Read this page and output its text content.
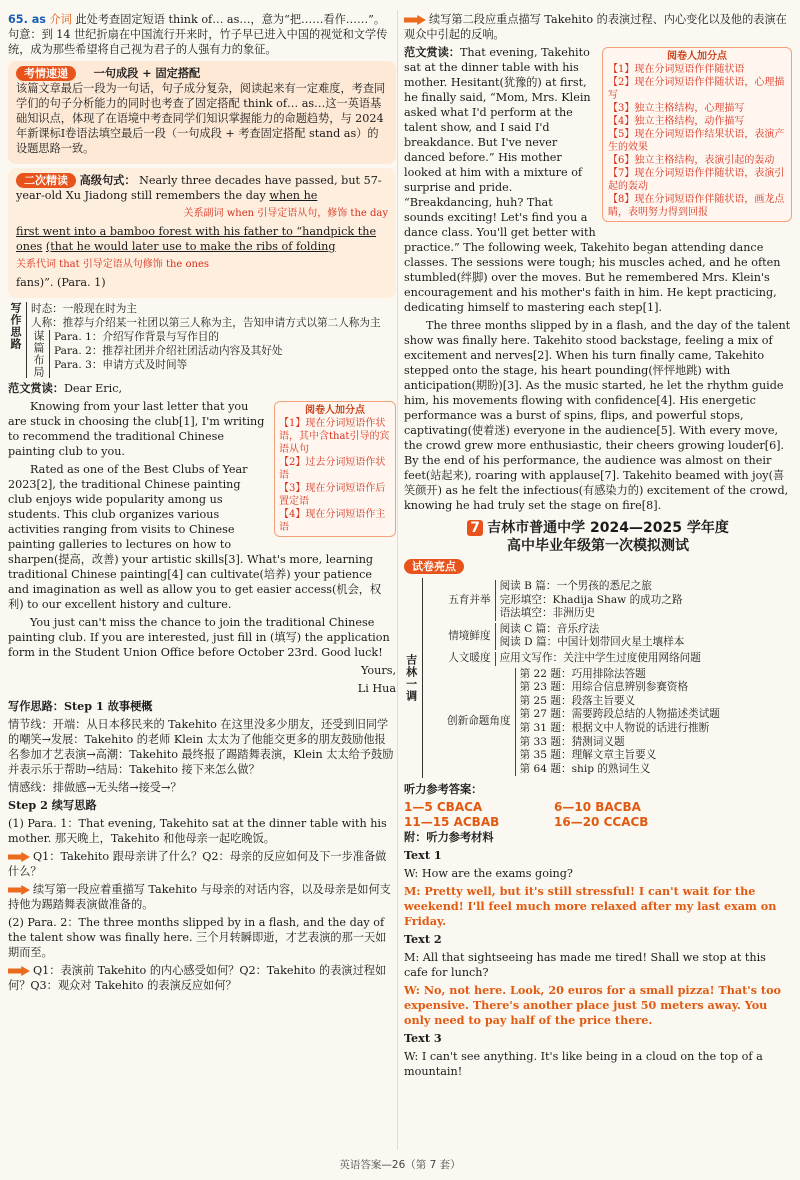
65. as 介词 此处考查固定短语 think of… as…，意为“把……看作……”。句意：到 14 世纪折扇在中国流行开来时，竹子早已进入中国的视觉和文学传统，成为那些希望将自己视为君子的人强有力的象征。

考情速递 一句成段 + 固定搭配

该篇文章最后一段为一句话，句子成分复杂，阅读起来有一定难度，考查同学们的句子分析能力的同时也考查了固定搭配 think of… as…这一英语基础知识点，体现了在语境中考查同学们知识掌握能力的命题趋势，与 2024 年新课标Ⅰ卷语法填空最后一段（一句成段 + 考查固定搭配 stand as）的设题思路一致。

二次精读 高级句式： Nearly three decades have passed, but 57-year-old Xu Jiadong still remembers the day when he

关系副词 when 引导定语从句，修饰 the day

first went into a bamboo forest with his father to “handpick the ones (that he would later use to make the ribs of folding

关系代词 that 引导定语从句修饰 the ones

fans)”. (Para. 1)

写作思路 时态：一般现在时为主
人称：推荐与介绍某一社团以第三人称为主，告知申请方式以第二人称为主
谋篇布局 Para. 1：介绍写作背景与写作目的
Para. 2：推荐社团并介绍社团活动内容及其好处
Para. 3：申请方式及时间等

范文赏读：Dear Eric,

阅卷人加分点
【1】现在分词短语作状语，其中含that引导的宾语从句
【2】过去分词短语作状语
【3】现在分词短语作后置定语
【4】现在分词短语作主语

Knowing from your last letter that you are stuck in choosing the club[1], I'm writing to recommend the traditional Chinese painting club to you.

Rated as one of the Best Clubs of Year 2023[2], the traditional Chinese painting club enjoys wide popularity among us students. This club organizes various activities ranging from visits to Chinese painting galleries to lectures on how to sharpen(提高，改善) your artistic skills[3]. What's more, learning traditional Chinese painting[4] can cultivate(培养) your patience and imagination as well as allow you to get easier access(机会，权利) to our excellent history and culture.

You just can't miss the chance to join the traditional Chinese painting club. If you are interested, just fill in (填写) the application form in the Student Union Office before October 23rd. Good luck!

Yours,

Li Hua

写作思路：Step 1 故事梗概

情节线：开端：从日本移民来的 Takehito 在这里没多少朋友，还受到旧同学的嘲笑→发展：Takehito 的老师 Klein 太太为了他能交更多的朋友鼓励他报名参加才艺表演→高潮：Takehito 最终报了踢踏舞表演，Klein 太太给予鼓励并表示乐于帮助→结局：Takehito 接下来怎么做？

情感线：排做感→无头绪→接受→？

Step 2 续写思路

(1) Para. 1：That evening, Takehito sat at the dinner table with his mother. 那天晚上，Takehito 和他母亲一起吃晚饭。

Q1：Takehito 跟母亲讲了什么？Q2：母亲的反应如何及下一步准备做什么？

续写第一段应着重描写 Takehito 与母亲的对话内容，以及母亲是如何支持他为踢踏舞表演做准备的。

(2) Para. 2：The three months slipped by in a flash, and the day of the talent show was finally here. 三个月转瞬即逝，才艺表演的那一天如期而至。

Q1：表演前 Takehito 的内心感受如何？Q2：Takehito 的表演过程如何？Q3：观众对 Takehito 的表演反应如何？

续写第二段应重点描写 Takehito 的表演过程、内心变化以及他的表演在观众中引起的反响。

阅卷人加分点
【1】现在分词短语作伴随状语
【2】现在分词短语作伴随状语，心理描写
【3】独立主格结构，心理描写
【4】独立主格结构，动作描写
【5】现在分词短语作结果状语，表演产生的效果
【6】独立主格结构，表演引起的轰动
【7】现在分词短语作伴随状语，表演引起的轰动
【8】现在分词短语作伴随状语，画龙点睛，表明努力得到回报

范文赏读：That evening, Takehito sat at the dinner table with his mother. Hesitant(犹豫的) at first, he finally said, “Mom, Mrs. Klein asked what I'd perform at the talent show, and I said I'd breakdance. But I've never danced before.” His mother looked at him with a mixture of surprise and pride. “Breakdancing, huh? That sounds exciting! Let's find you a dance class. You'll get better with practice.” The following week, Takehito began attending dance classes. The sessions were tough; his muscles ached, and he often stumbled(绊脚) over the moves. But he remembered Mrs. Klein's encouragement and his mother's faith in him. He kept practicing, dedicating himself to mastering each step[1].

The three months slipped by in a flash, and the day of the talent show was finally here. Takehito stood backstage, feeling a mix of excitement and nerves[2]. When his turn finally came, Takehito stepped onto the stage, his heart pounding(怦怦地跳) with anticipation(期盼)[3]. As the music started, he let the rhythm guide him, his movements flowing with confidence[4]. His energetic performance was a burst of spins, flips, and powerful stops, captivating(使着迷) everyone in the audience[5]. With every move, the crowd grew more enthusiastic, their cheers growing louder[6]. By the end of his performance, the audience was almost on their feet(站起来), roaring with applause[7]. Takehito beamed with joy(喜笑颜开) as he felt the infectious(有感染力的) excitement of the crowd, knowing he had truly set the stage on fire[8].

7 吉林市普通中学 2024—2025 学年度
高中毕业年级第一次模拟测试
试卷亮点
吉林一调
五育并举
阅读 B 篇：一个男孩的悉尼之旅
完形填空：Khadija Shaw 的成功之路
语法填空：非洲历史
情境鲜度
阅读 C 篇：音乐疗法
阅读 D 篇：中国计划带回火星土壤样本
人文暖度 应用文写作：关注中学生过度使用网络问题
创新命题角度
第 22 题：巧用排除法答题
第 23 题：用综合信息辨别参赛资格
第 25 题：段落主旨要义
第 27 题：需要跨段总结的人物描述类试题
第 31 题：根据文中人物说的话进行推断
第 33 题：猜测词义题
第 35 题：理解文章主旨要义
第 64 题：ship 的熟词生义

听力参考答案：

1—5 CBACA	6—10 BACBA
11—15 ACBAB	16—20 CCACB

附：听力参考材料

Text 1

W: How are the exams going?

M: Pretty well, but it's still stressful! I can't wait for the weekend! I'll feel much more relaxed after my last exam on Friday.

Text 2

M: All that sightseeing has made me tired! Shall we stop at this cafe for lunch?

W: No, not here. Look, 20 euros for a small pizza! That's too expensive. There's another place just 50 meters away. You only need to pay half of the price there.

Text 3

W: I can't see anything. It's like being in a cloud on the top of a mountain!

英语答案—26（第 7 套）
